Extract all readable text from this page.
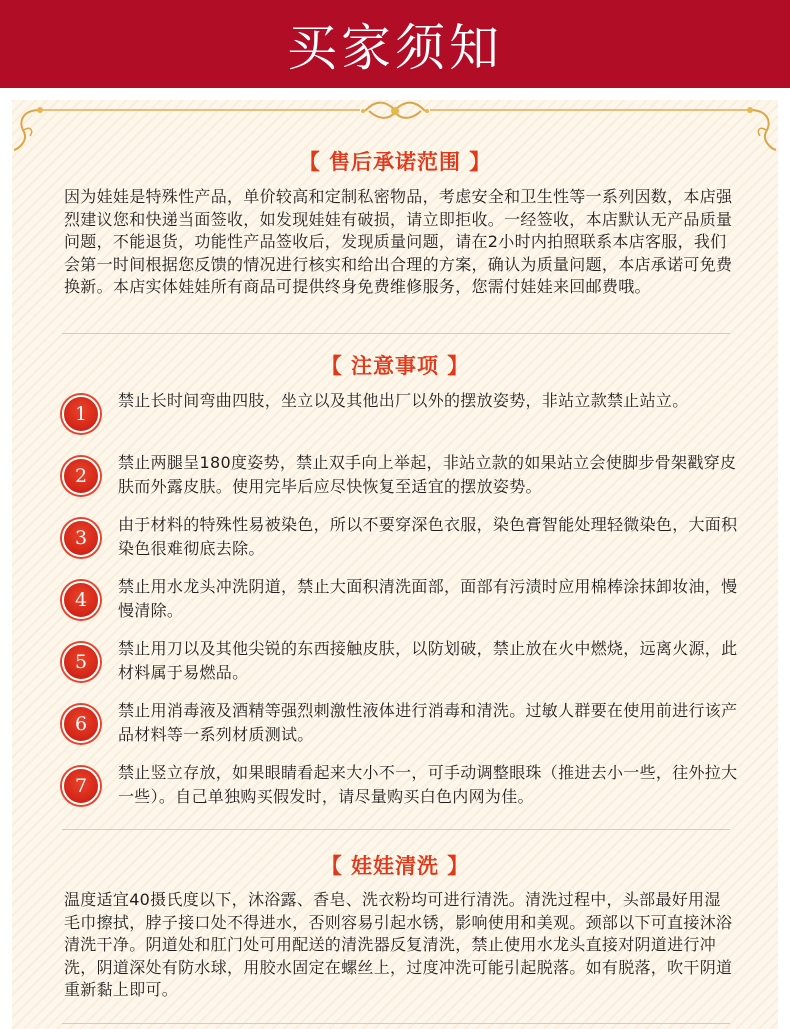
买家须知
【 售后承诺范围 】

因为娃娃是特殊性产品，单价较高和定制私密物品，考虑安全和卫生性等一系列因数，本店强烈建议您和快递当面签收，如发现娃娃有破损，请立即拒收。一经签收，本店默认无产品质量问题，不能退货，功能性产品签收后，发现质量问题，请在2小时内拍照联系本店客服，我们会第一时间根据您反馈的情况进行核实和给出合理的方案，确认为质量问题，本店承诺可免费换新。本店实体娃娃所有商品可提供终身免费维修服务，您需付娃娃来回邮费哦。

【 注意事项 】
1

禁止长时间弯曲四肢，坐立以及其他出厂以外的摆放姿势，非站立款禁止站立。

2

禁止两腿呈180度姿势，禁止双手向上举起，非站立款的如果站立会使脚步骨架戳穿皮肤而外露皮肤。使用完毕后应尽快恢复至适宜的摆放姿势。

3

由于材料的特殊性易被染色，所以不要穿深色衣服，染色膏智能处理轻微染色，大面积染色很难彻底去除。

4

禁止用水龙头冲洗阴道，禁止大面积清洗面部，面部有污渍时应用棉棒涂抹卸妆油，慢慢清除。

5

禁止用刀以及其他尖锐的东西接触皮肤，以防划破，禁止放在火中燃烧，远离火源，此材料属于易燃品。

6

禁止用消毒液及酒精等强烈刺激性液体进行消毒和清洗。过敏人群要在使用前进行该产品材料等一系列材质测试。

7

禁止竖立存放，如果眼睛看起来大小不一，可手动调整眼珠（推进去小一些，往外拉大一些）。自己单独购买假发时，请尽量购买白色内网为佳。

【 娃娃清洗 】

温度适宜40摄氏度以下，沐浴露、香皂、洗衣粉均可进行清洗。清洗过程中，头部最好用湿毛巾擦拭，脖子接口处不得进水，否则容易引起水锈，影响使用和美观。颈部以下可直接沐浴清洗干净。阴道处和肛门处可用配送的清洗器反复清洗，禁止使用水龙头直接对阴道进行冲洗，阴道深处有防水球，用胶水固定在螺丝上，过度冲洗可能引起脱落。如有脱落，吹干阴道重新黏上即可。
